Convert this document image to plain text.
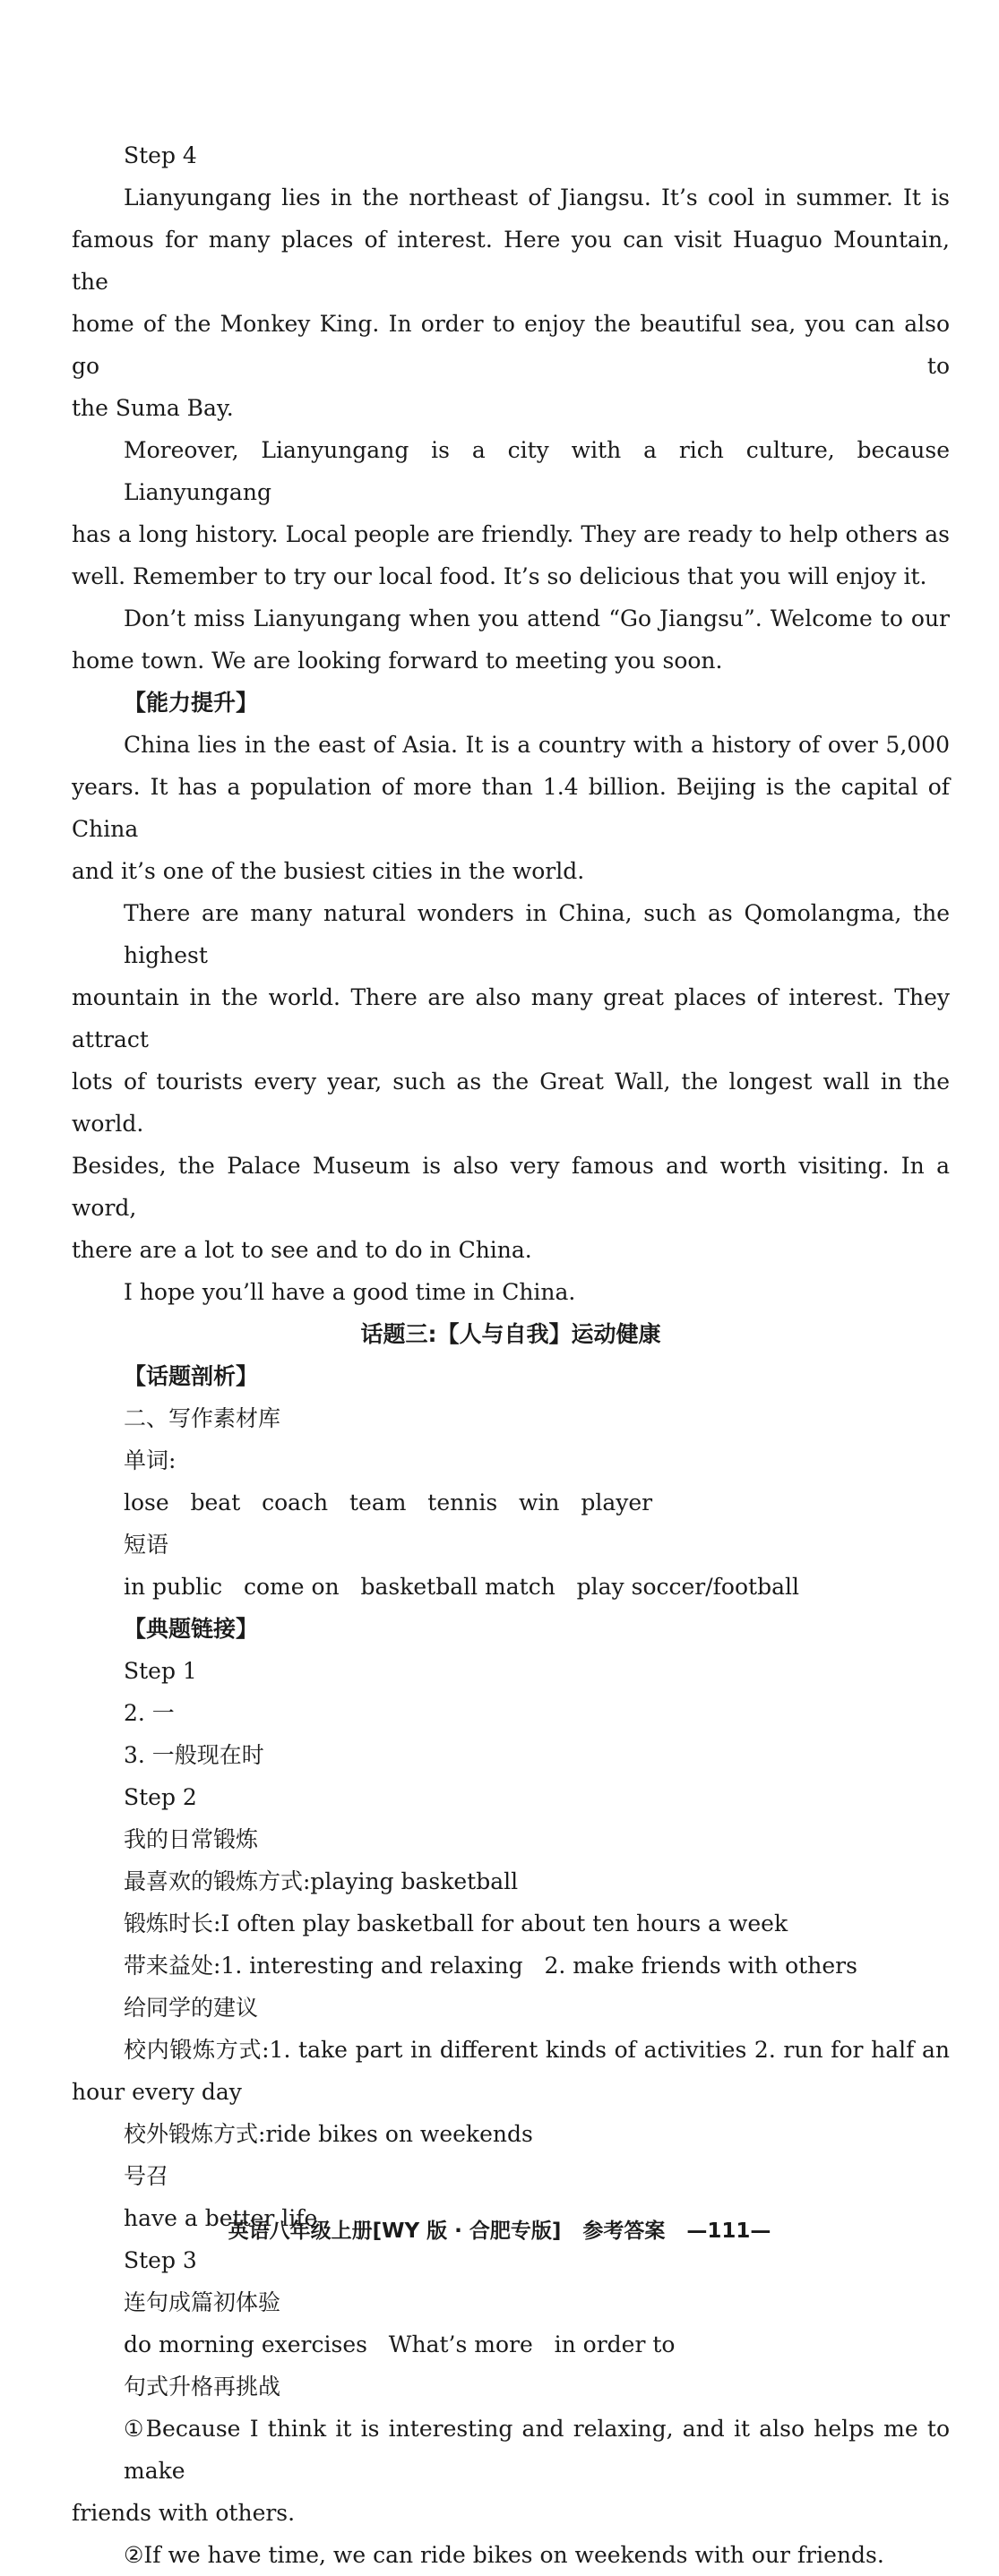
Step 4

Lianyungang lies in the northeast of Jiangsu. It’s cool in summer. It is

famous for many places of interest. Here you can visit Huaguo Mountain, the

home of the Monkey King. In order to enjoy the beautiful sea, you can also go to

the Suma Bay.

Moreover, Lianyungang is a city with a rich culture, because Lianyungang

has a long history. Local people are friendly. They are ready to help others as

well. Remember to try our local food. It’s so delicious that you will enjoy it.

Don’t miss Lianyungang when you attend “Go Jiangsu”. Welcome to our

home town. We are looking forward to meeting you soon.

【能力提升】

China lies in the east of Asia. It is a country with a history of over 5,000

years. It has a population of more than 1.4 billion. Beijing is the capital of China

and it’s one of the busiest cities in the world.

There are many natural wonders in China, such as Qomolangma, the highest

mountain in the world. There are also many great places of interest. They attract

lots of tourists every year, such as the Great Wall, the longest wall in the world.

Besides, the Palace Museum is also very famous and worth visiting. In a word,

there are a lot to see and to do in China.

I hope you’ll have a good time in China.

话题三:【人与自我】运动健康

【话题剖析】

二、写作素材库

单词:

lose   beat   coach   team   tennis   win   player

短语

in public   come on   basketball match   play soccer/football

【典题链接】

Step 1

2. 一

3. 一般现在时

Step 2

我的日常锻炼

最喜欢的锻炼方式:playing basketball

锻炼时长:I often play basketball for about ten hours a week

带来益处:1. interesting and relaxing   2. make friends with others

给同学的建议

校内锻炼方式:1. take part in different kinds of activities 2. run for half an

hour every day

校外锻炼方式:ride bikes on weekends

号召

have a better life

Step 3

连句成篇初体验

do morning exercises   What’s more   in order to

句式升格再挑战

①Because I think it is interesting and relaxing, and it also helps me to make

friends with others.

②If we have time, we can ride bikes on weekends with our friends.

英语八年级上册[WY 版 · 合肥专版] 参考答案 —111—
